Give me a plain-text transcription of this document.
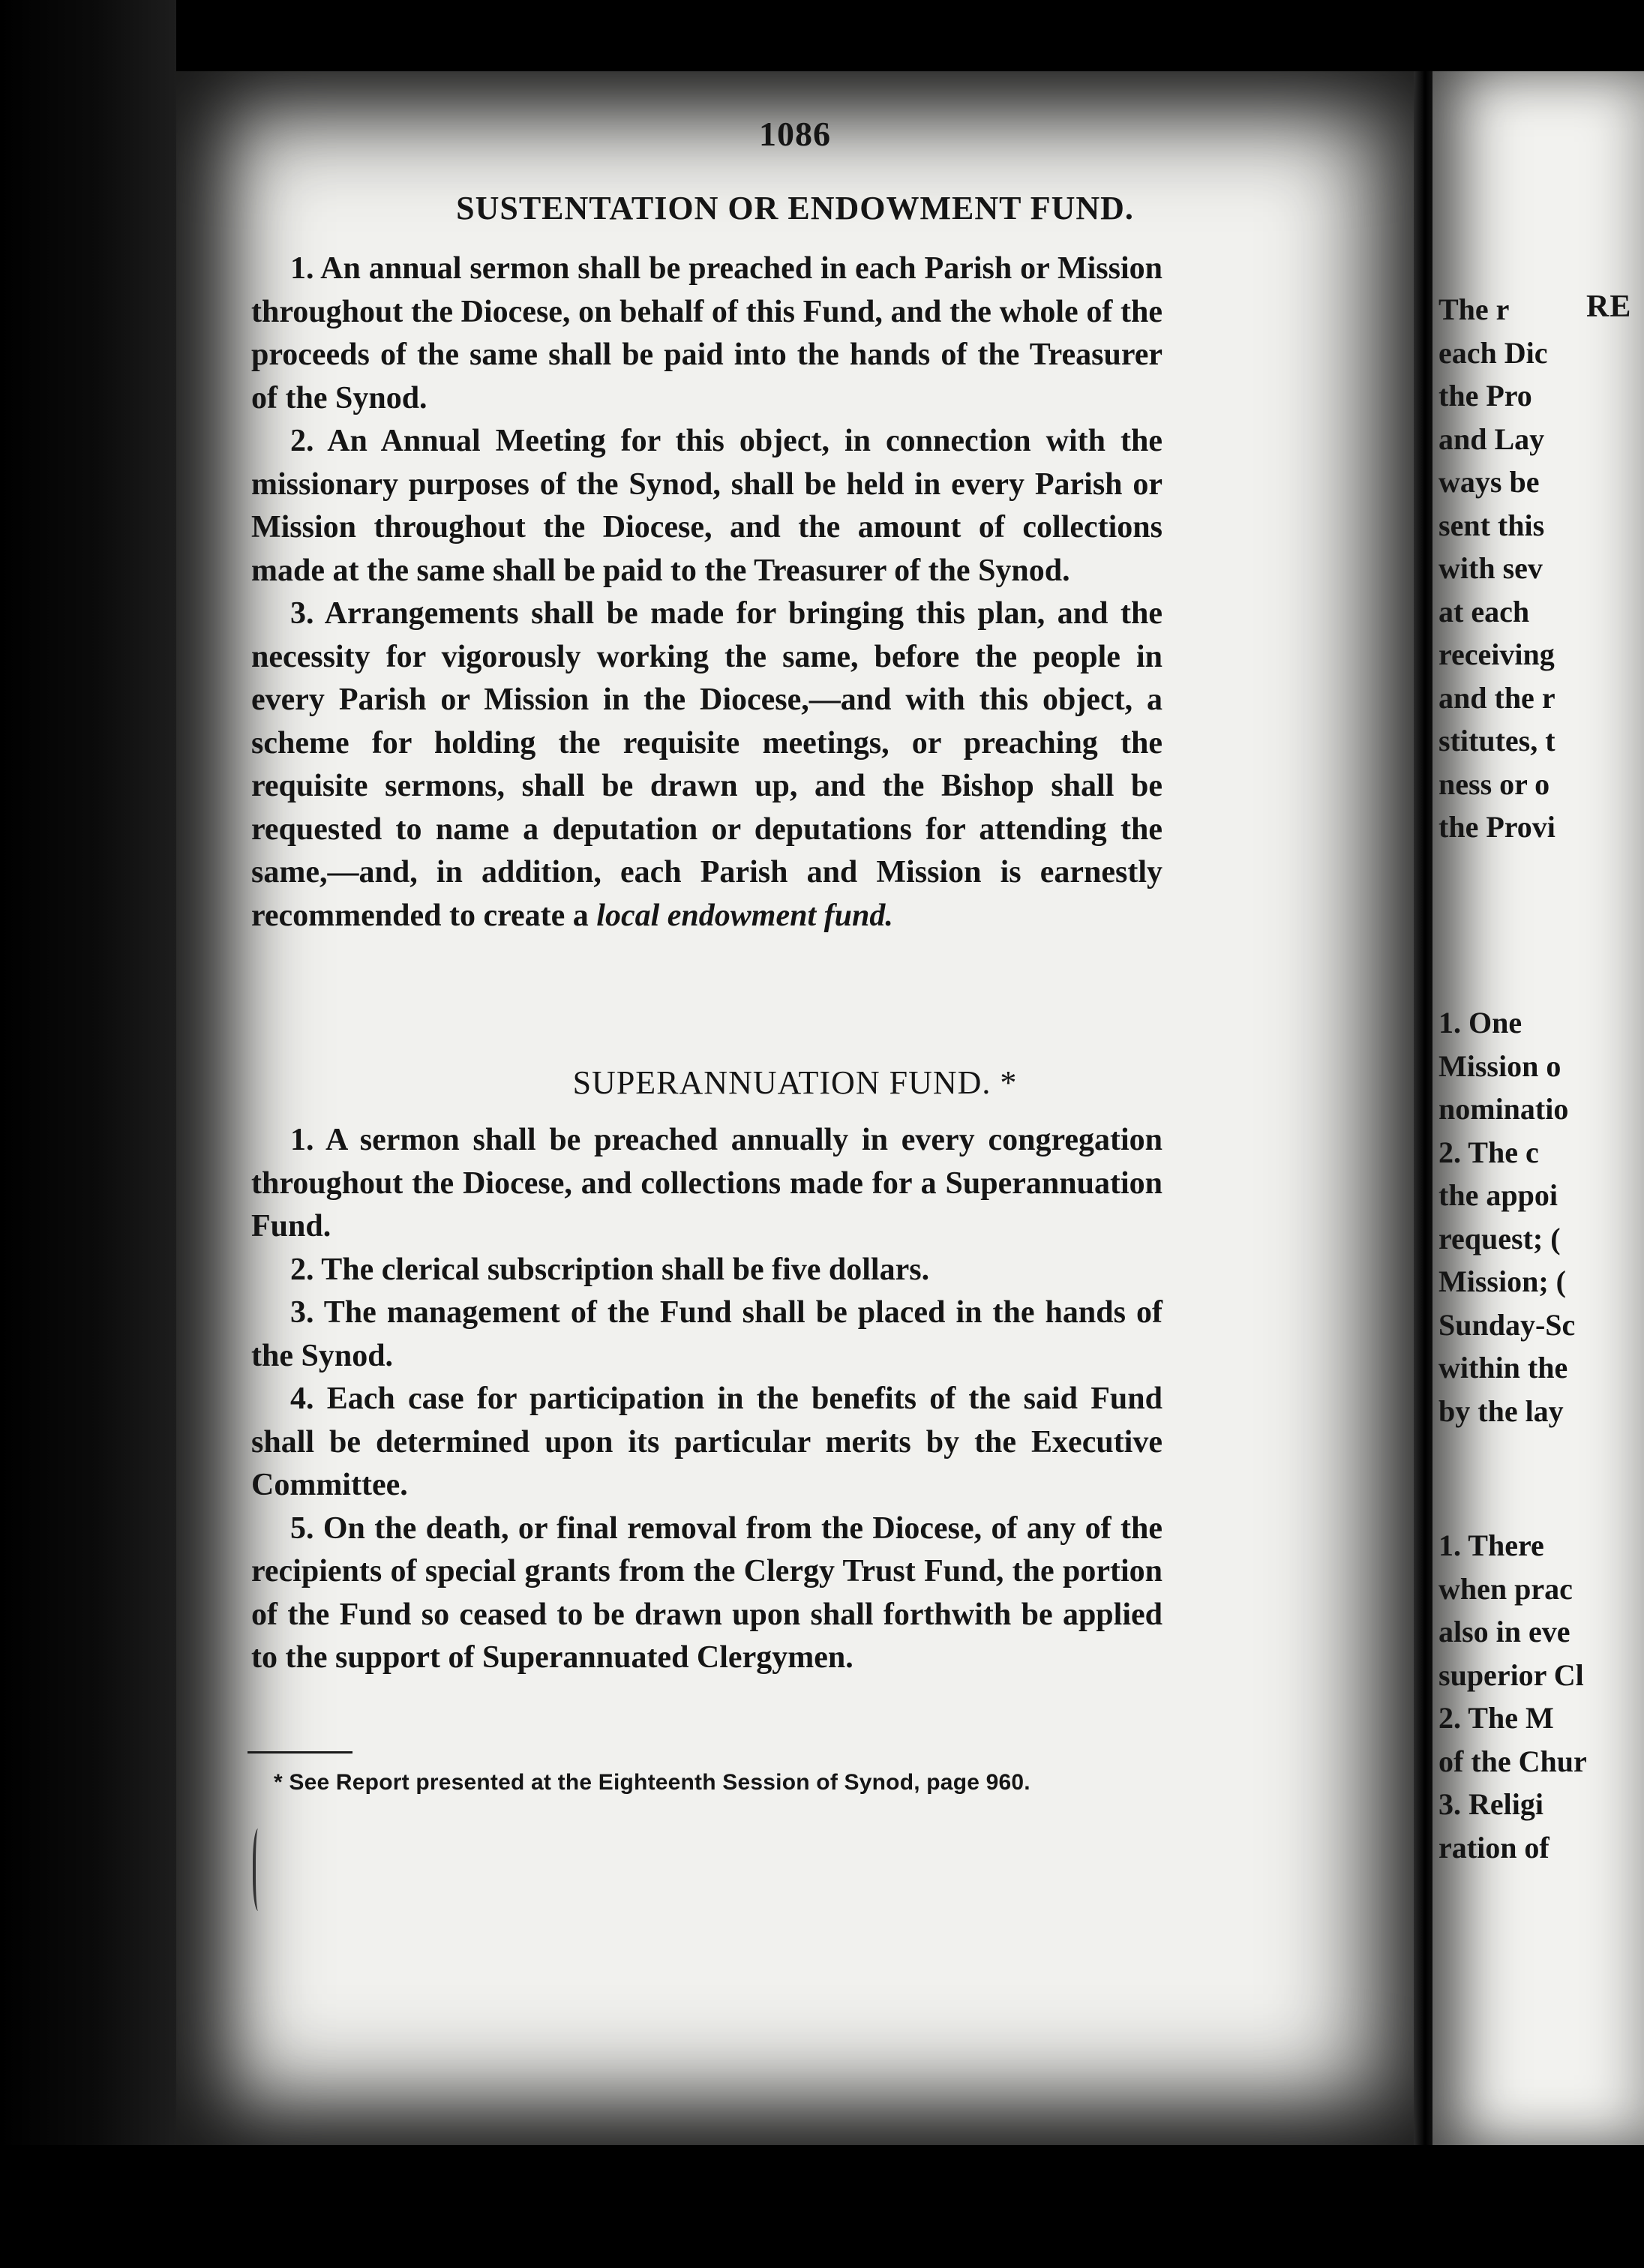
1086
SUSTENTATION OR ENDOWMENT FUND.

1. An annual sermon shall be preached in each Parish or Mission throughout the Diocese, on behalf of this Fund, and the whole of the proceeds of the same shall be paid into the hands of the Treasurer of the Synod.

2. An Annual Meeting for this object, in connection with the missionary purposes of the Synod, shall be held in every Parish or Mission throughout the Diocese, and the amount of collections made at the same shall be paid to the Treasurer of the Synod.

3. Arrangements shall be made for bringing this plan, and the necessity for vigorously working the same, before the people in every Parish or Mission in the Diocese,—and with this object, a scheme for holding the requisite meetings, or preaching the requisite sermons, shall be drawn up, and the Bishop shall be requested to name a deputation or deputations for attending the same,—and, in addition, each Parish and Mission is earnestly recommended to create a local endowment fund.

SUPERANNUATION FUND. *

1. A sermon shall be preached annually in every congregation throughout the Diocese, and collections made for a Superannuation Fund.

2. The clerical subscription shall be five dollars.

3. The management of the Fund shall be placed in the hands of the Synod.

4. Each case for participation in the benefits of the said Fund shall be determined upon its particular merits by the Executive Committee.

5. On the death, or final removal from the Diocese, of any of the recipients of special grants from the Clergy Trust Fund, the portion of the Fund so ceased to be drawn upon shall forthwith be applied to the support of Superannuated Clergymen.

* See Report presented at the Eighteenth Session of Synod, page 960.
RE
The r
each Dic
the Pro
and Lay
ways be
sent this
with sev
at each
receiving
and the r
stitutes, t
ness or o
the Provi
1. One
Mission o
nominatio
2. The c
the appoi
request; (
Mission; (
Sunday-Sc
within the
by the lay
1. There
when prac
also in eve
superior Cl
2. The M
of the Chur
3. Religi
ration of
